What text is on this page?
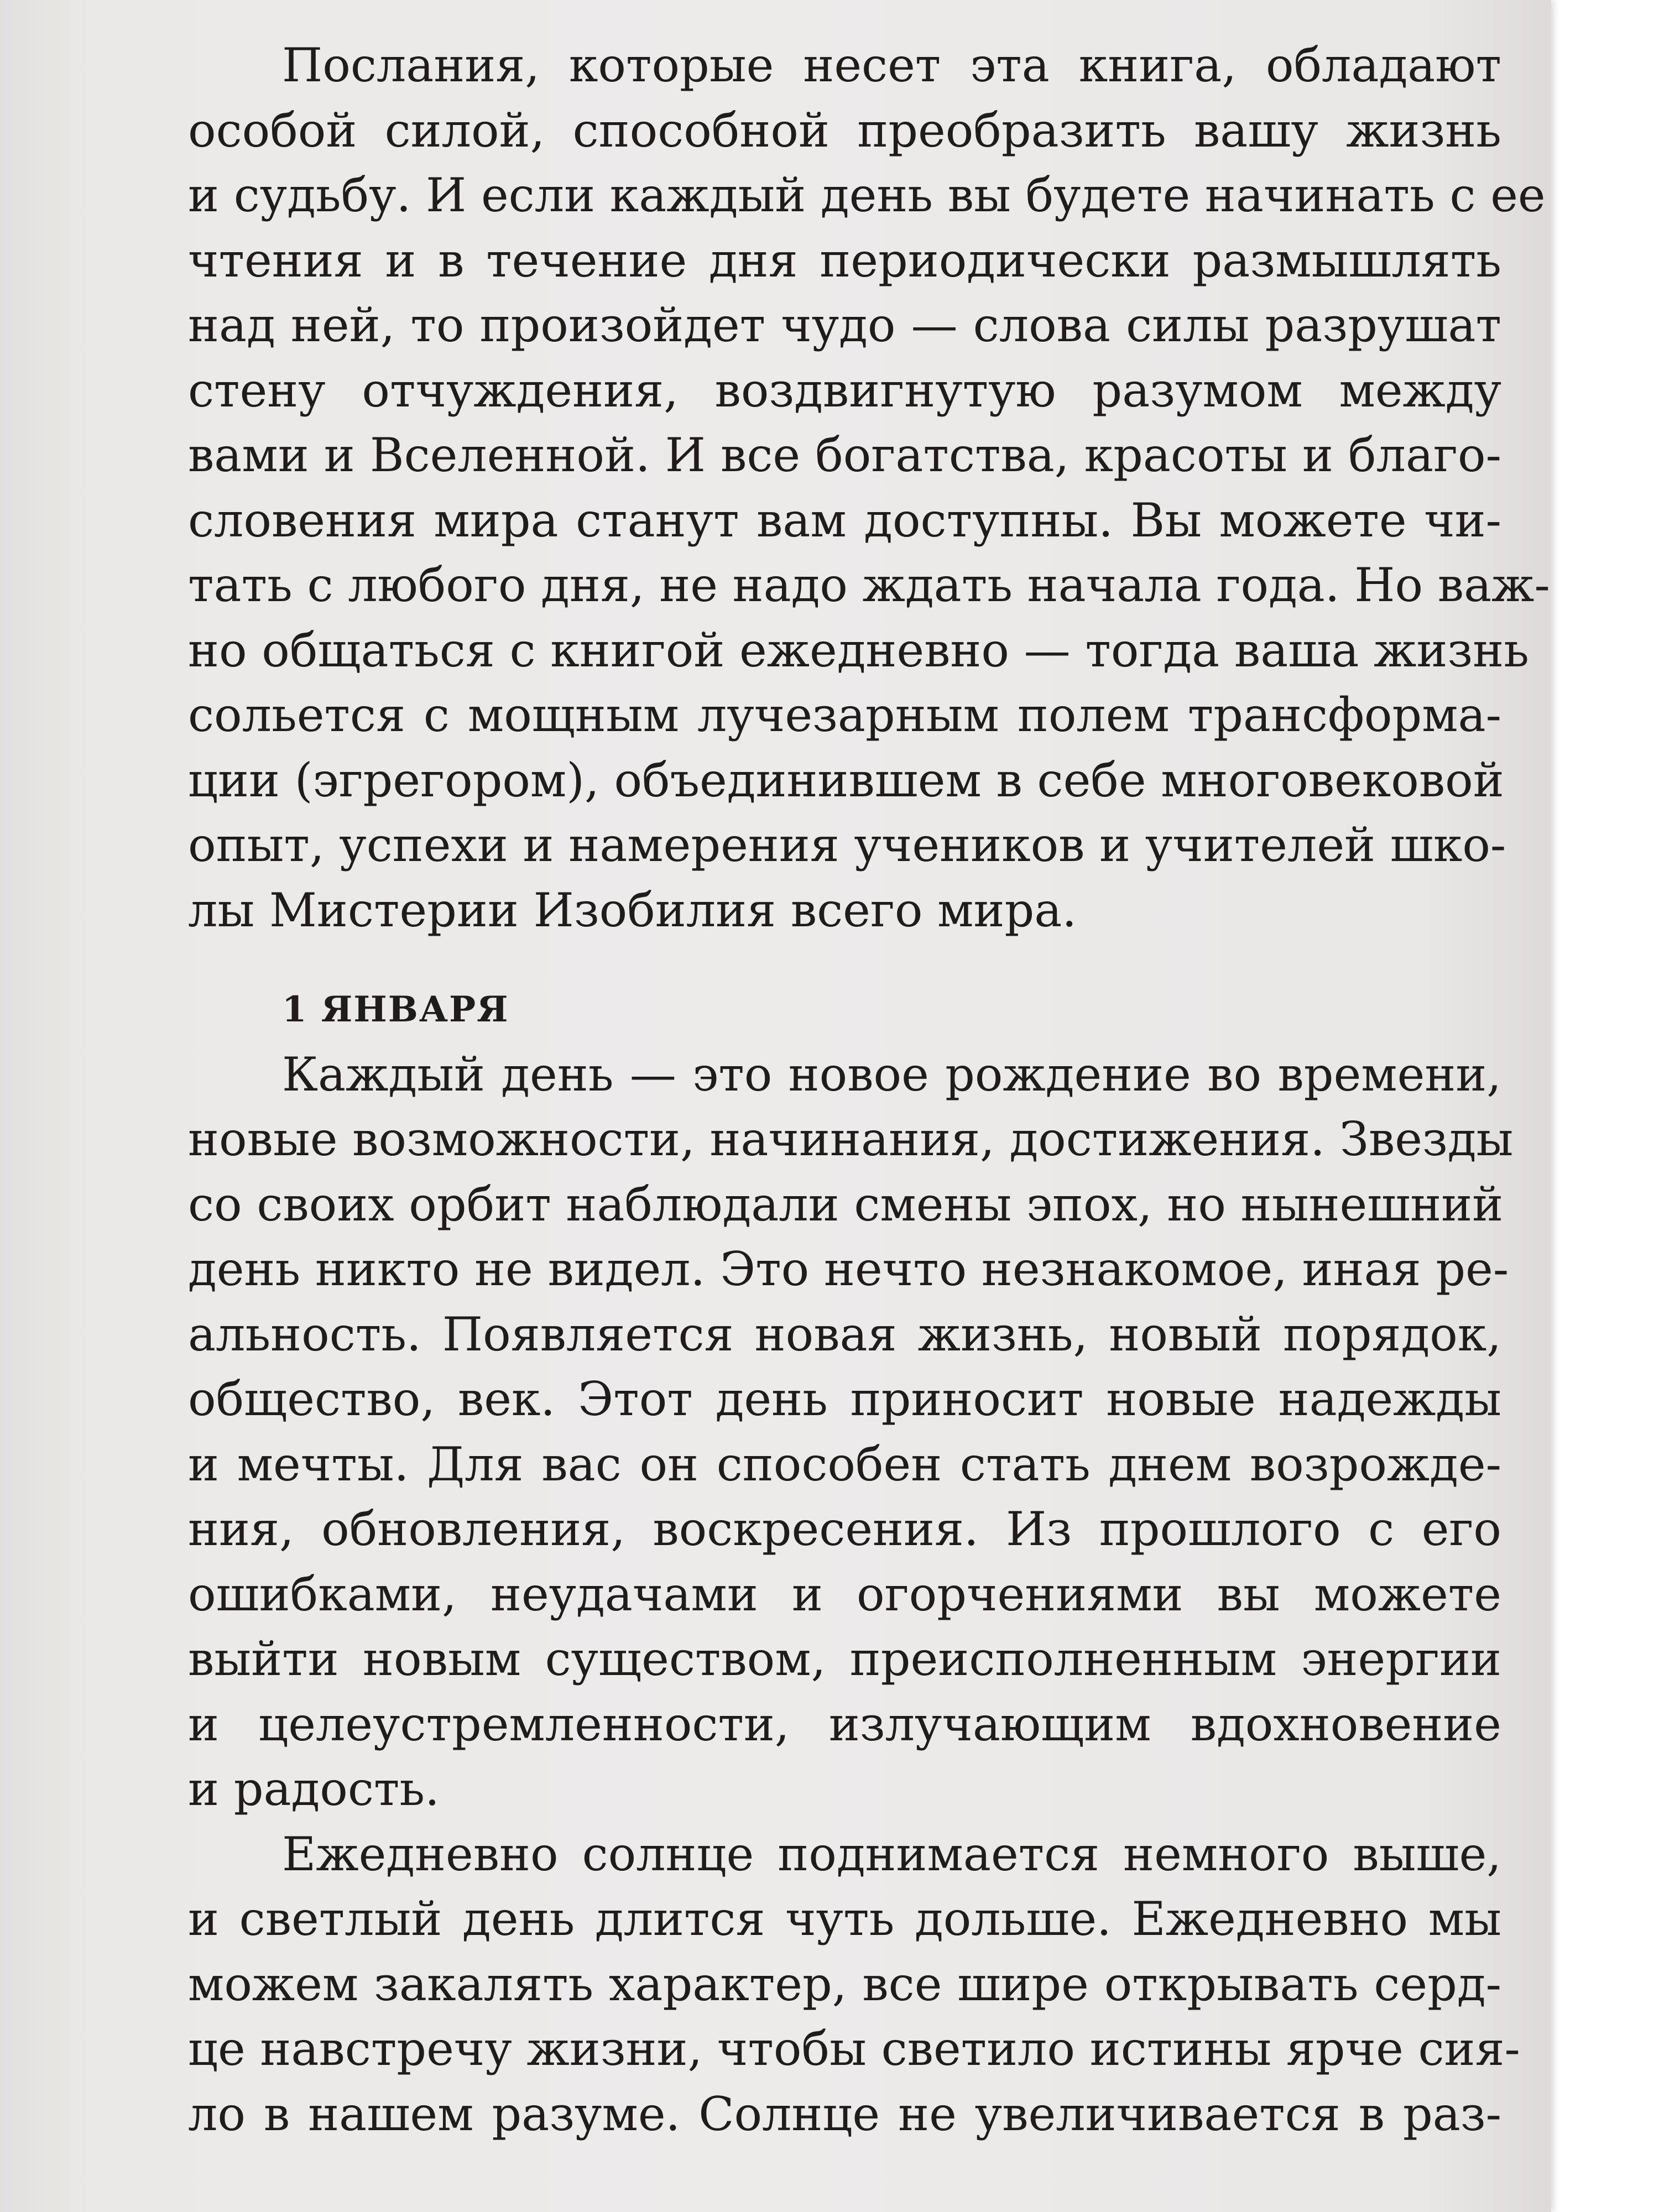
Послания, которые несет эта книга, обладают
особой силой, способной преобразить вашу жизнь
и судьбу. И если каждый день вы будете начинать с ее
чтения и в течение дня периодически размышлять
над ней, то произойдет чудо — слова силы разрушат
стену отчуждения, воздвигнутую разумом между
вами и Вселенной. И все богатства, красоты и благо-
словения мира станут вам доступны. Вы можете чи-
тать с любого дня, не надо ждать начала года. Но важ-
но общаться с книгой ежедневно — тогда ваша жизнь
сольется с мощным лучезарным полем трансформа-
ции (эгрегором), объединившем в себе многовековой
опыт, успехи и намерения учеников и учителей шко-
лы Мистерии Изобилия всего мира.

1 ЯНВАРЯ

Каждый день — это новое рождение во времени,
новые возможности, начинания, достижения. Звезды
со своих орбит наблюдали смены эпох, но нынешний
день никто не видел. Это нечто незнакомое, иная ре-
альность. Появляется новая жизнь, новый порядок,
общество, век. Этот день приносит новые надежды
и мечты. Для вас он способен стать днем возрожде-
ния, обновления, воскресения. Из прошлого с его
ошибками, неудачами и огорчениями вы можете
выйти новым существом, преисполненным энергии
и целеустремленности, излучающим вдохновение
и радость.

Ежедневно солнце поднимается немного выше,
и светлый день длится чуть дольше. Ежедневно мы
можем закалять характер, все шире открывать серд-
це навстречу жизни, чтобы светило истины ярче сия-
ло в нашем разуме. Солнце не увеличивается в раз-
